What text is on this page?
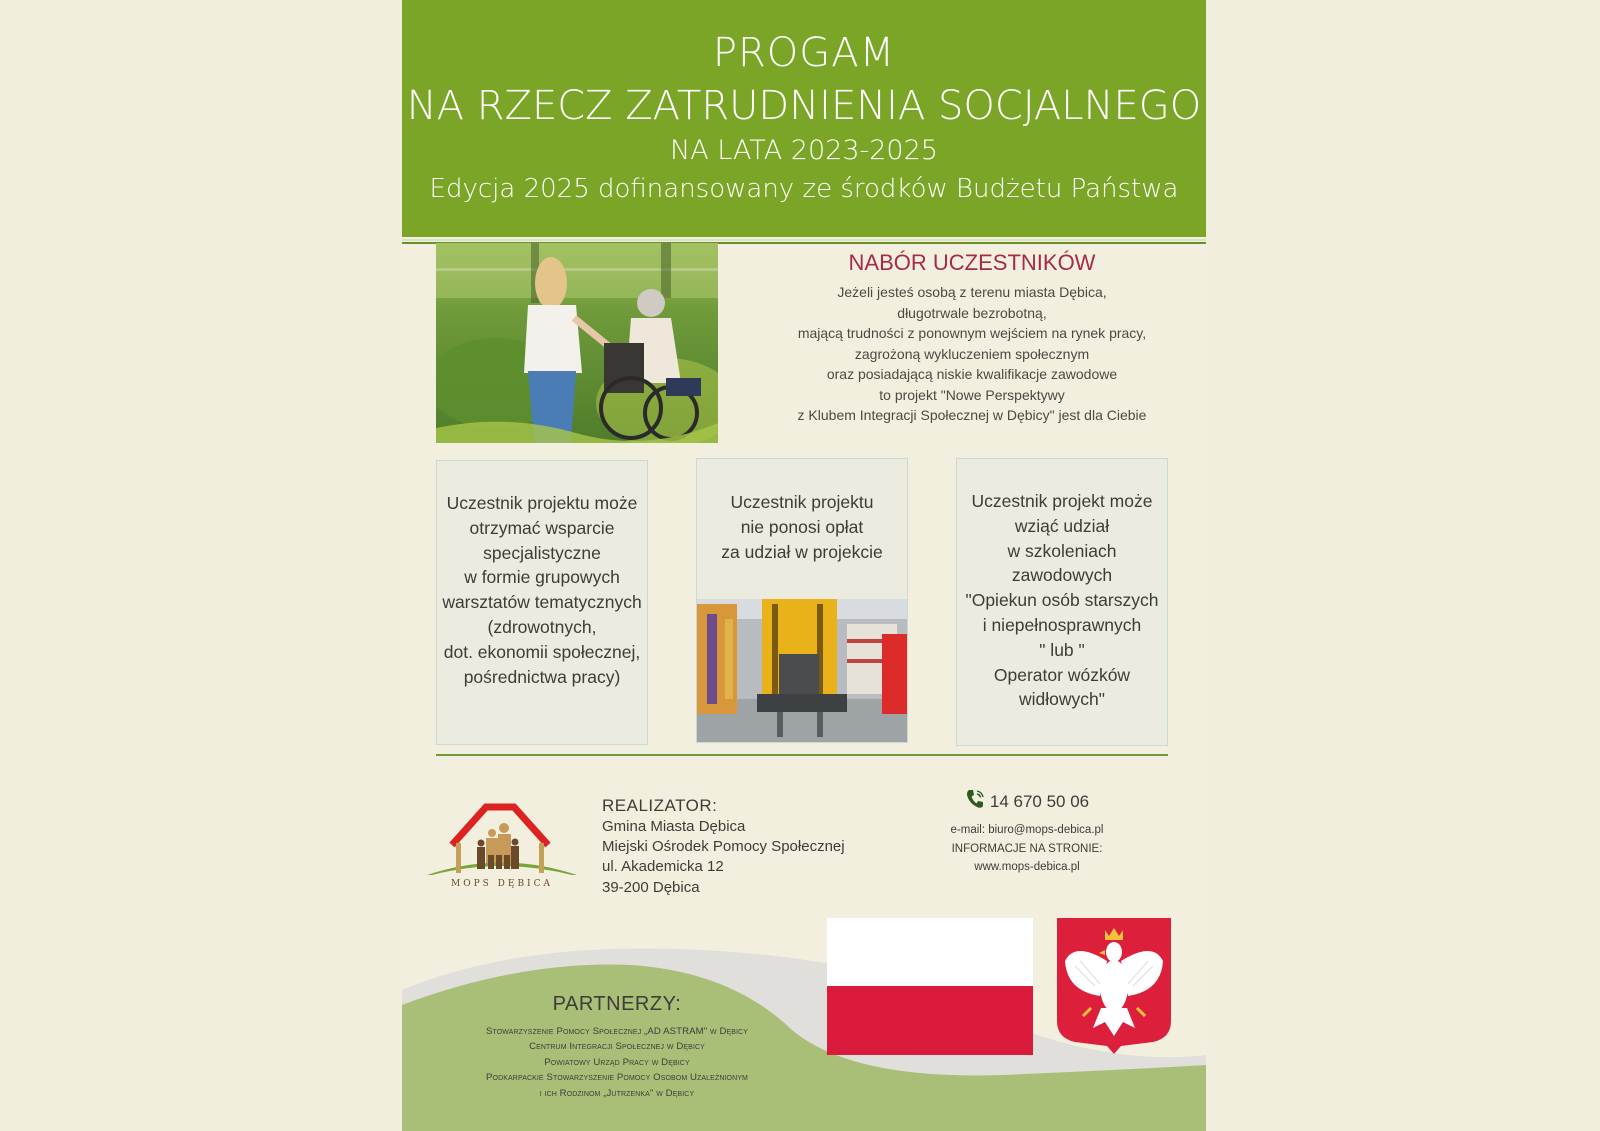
PROGAM
NA RZECZ ZATRUDNIENIA SOCJALNEGO
NA LATA 2023-2025
Edycja 2025 dofinansowany ze środków Budżetu Państwa
NABÓR UCZESTNIKÓW
Jeżeli jesteś osobą z terenu miasta Dębica,
długotrwale bezrobotną,
mającą trudności z ponownym wejściem na rynek pracy,
zagrożoną wykluczeniem społecznym
oraz posiadającą niskie kwalifikacje zawodowe
to projekt "Nowe Perspektywy
z Klubem Integracji Społecznej w Dębicy" jest dla Ciebie
Uczestnik projektu może
otrzymać wsparcie
specjalistyczne
w formie grupowych
warsztatów tematycznych
(zdrowotnych,
dot. ekonomii społecznej,
pośrednictwa pracy)
Uczestnik projektu
nie ponosi opłat
za udział w projekcie
Uczestnik projekt może
wziąć udział
w szkoleniach
zawodowych
"Opiekun osób starszych
i niepełnosprawnych
" lub "
Operator wózków
widłowych"
MOPS DĘBICA
REALIZATOR:
Gmina Miasta Dębica
Miejski Ośrodek Pomocy Społecznej
ul. Akademicka 12
39-200 Dębica
14 670 50 06
e-mail: biuro@mops-debica.pl
INFORMACJE NA STRONIE:
www.mops-debica.pl
PARTNERZY:
Stowarzyszenie Pomocy Społecznej „AD ASTRAM" w Dębicy
Centrum Integracji Społecznej w Dębicy
Powiatowy Urząd Pracy w Dębicy
Podkarpackie Stowarzyszenie Pomocy Osobom Uzależnionym
i ich Rodzinom „Jutrzenka" w Dębicy
